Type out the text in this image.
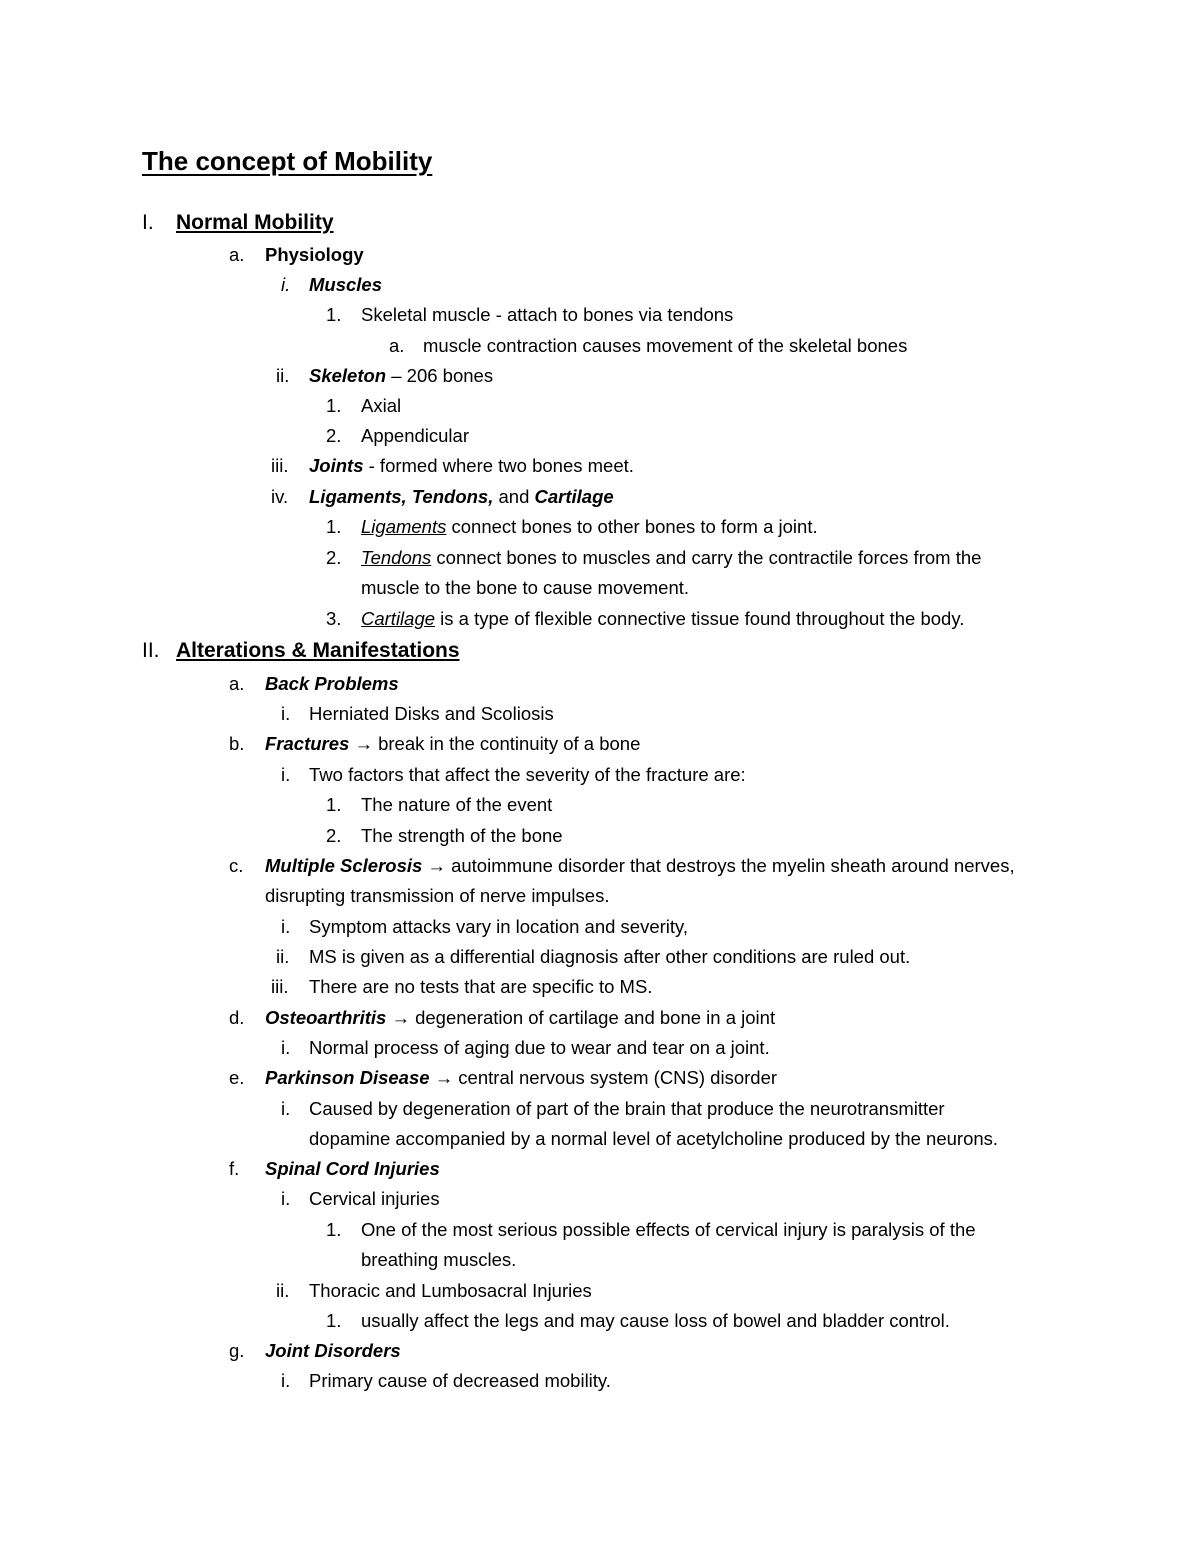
The concept of Mobility
I. Normal Mobility
a. Physiology
i. Muscles
1. Skeletal muscle - attach to bones via tendons
a. muscle contraction causes movement of the skeletal bones
ii. Skeleton – 206 bones
1. Axial
2. Appendicular
iii. Joints - formed where two bones meet.
iv. Ligaments, Tendons, and Cartilage
1. Ligaments connect bones to other bones to form a joint.
2. Tendons connect bones to muscles and carry the contractile forces from the
muscle to the bone to cause movement.
3. Cartilage is a type of flexible connective tissue found throughout the body.
II. Alterations & Manifestations
a. Back Problems
i. Herniated Disks and Scoliosis
b. Fractures → break in the continuity of a bone
i. Two factors that affect the severity of the fracture are:
1. The nature of the event
2. The strength of the bone
c. Multiple Sclerosis → autoimmune disorder that destroys the myelin sheath around nerves,
disrupting transmission of nerve impulses.
i. Symptom attacks vary in location and severity,
ii. MS is given as a differential diagnosis after other conditions are ruled out.
iii. There are no tests that are specific to MS.
d. Osteoarthritis → degeneration of cartilage and bone in a joint
i. Normal process of aging due to wear and tear on a joint.
e. Parkinson Disease → central nervous system (CNS) disorder
i. Caused by degeneration of part of the brain that produce the neurotransmitter
dopamine accompanied by a normal level of acetylcholine produced by the neurons.
f. Spinal Cord Injuries
i. Cervical injuries
1. One of the most serious possible effects of cervical injury is paralysis of the
breathing muscles.
ii. Thoracic and Lumbosacral Injuries
1. usually affect the legs and may cause loss of bowel and bladder control.
g. Joint Disorders
i. Primary cause of decreased mobility.
